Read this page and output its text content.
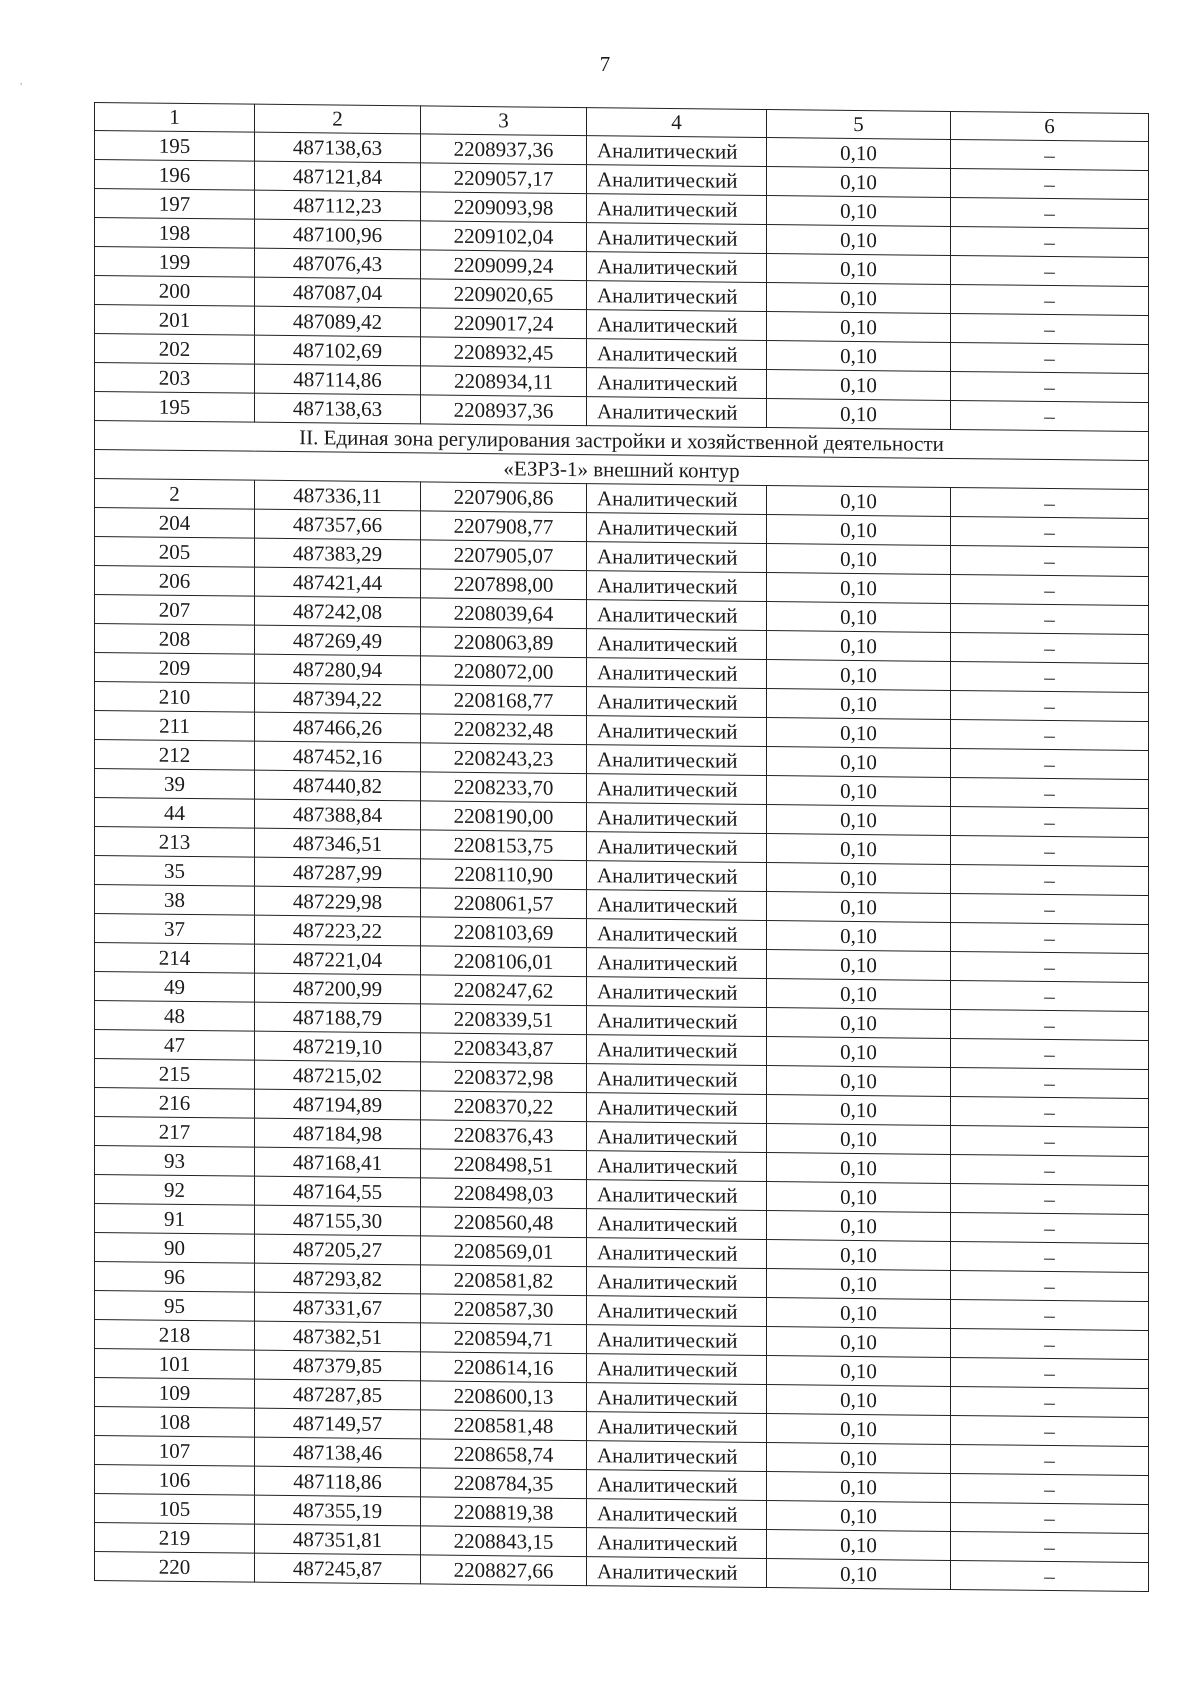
7
,
1	2	3	4	5	6
195	487138,63	2208937,36	Аналитический	0,10	–
196	487121,84	2209057,17	Аналитический	0,10	–
197	487112,23	2209093,98	Аналитический	0,10	–
198	487100,96	2209102,04	Аналитический	0,10	–
199	487076,43	2209099,24	Аналитический	0,10	–
200	487087,04	2209020,65	Аналитический	0,10	–
201	487089,42	2209017,24	Аналитический	0,10	–
202	487102,69	2208932,45	Аналитический	0,10	–
203	487114,86	2208934,11	Аналитический	0,10	–
195	487138,63	2208937,36	Аналитический	0,10	–
II. Единая зона регулирования застройки и хозяйственной деятельности					
«ЕЗРЗ-1» внешний контур					
2	487336,11	2207906,86	Аналитический	0,10	–
204	487357,66	2207908,77	Аналитический	0,10	–
205	487383,29	2207905,07	Аналитический	0,10	–
206	487421,44	2207898,00	Аналитический	0,10	–
207	487242,08	2208039,64	Аналитический	0,10	–
208	487269,49	2208063,89	Аналитический	0,10	–
209	487280,94	2208072,00	Аналитический	0,10	–
210	487394,22	2208168,77	Аналитический	0,10	–
211	487466,26	2208232,48	Аналитический	0,10	–
212	487452,16	2208243,23	Аналитический	0,10	–
39	487440,82	2208233,70	Аналитический	0,10	–
44	487388,84	2208190,00	Аналитический	0,10	–
213	487346,51	2208153,75	Аналитический	0,10	–
35	487287,99	2208110,90	Аналитический	0,10	–
38	487229,98	2208061,57	Аналитический	0,10	–
37	487223,22	2208103,69	Аналитический	0,10	–
214	487221,04	2208106,01	Аналитический	0,10	–
49	487200,99	2208247,62	Аналитический	0,10	–
48	487188,79	2208339,51	Аналитический	0,10	–
47	487219,10	2208343,87	Аналитический	0,10	–
215	487215,02	2208372,98	Аналитический	0,10	–
216	487194,89	2208370,22	Аналитический	0,10	–
217	487184,98	2208376,43	Аналитический	0,10	–
93	487168,41	2208498,51	Аналитический	0,10	–
92	487164,55	2208498,03	Аналитический	0,10	–
91	487155,30	2208560,48	Аналитический	0,10	–
90	487205,27	2208569,01	Аналитический	0,10	–
96	487293,82	2208581,82	Аналитический	0,10	–
95	487331,67	2208587,30	Аналитический	0,10	–
218	487382,51	2208594,71	Аналитический	0,10	–
101	487379,85	2208614,16	Аналитический	0,10	–
109	487287,85	2208600,13	Аналитический	0,10	–
108	487149,57	2208581,48	Аналитический	0,10	–
107	487138,46	2208658,74	Аналитический	0,10	–
106	487118,86	2208784,35	Аналитический	0,10	–
105	487355,19	2208819,38	Аналитический	0,10	–
219	487351,81	2208843,15	Аналитический	0,10	–
220	487245,87	2208827,66	Аналитический	0,10	–
